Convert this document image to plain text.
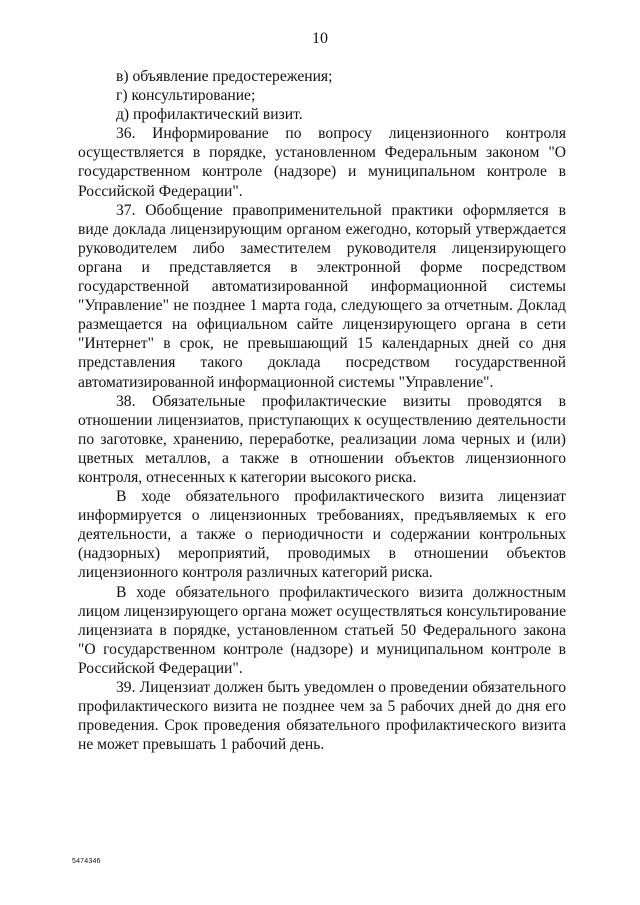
10

в) объявление предостережения;

г) консультирование;

д) профилактический визит.

36. Информирование по вопросу лицензионного контроля осуществляется в порядке, установленном Федеральным законом "О государственном контроле (надзоре) и муниципальном контроле в Российской Федерации".

37. Обобщение правоприменительной практики оформляется в виде доклада лицензирующим органом ежегодно, который утверждается руководителем либо заместителем руководителя лицензирующего органа и представляется в электронной форме посредством государственной автоматизированной информационной системы "Управление" не позднее 1 марта года, следующего за отчетным. Доклад размещается на официальном сайте лицензирующего органа в сети "Интернет" в срок, не превышающий 15 календарных дней со дня представления такого доклада посредством государственной автоматизированной информационной системы "Управление".

38. Обязательные профилактические визиты проводятся в отношении лицензиатов, приступающих к осуществлению деятельности по заготовке, хранению, переработке, реализации лома черных и (или) цветных металлов, а также в отношении объектов лицензионного контроля, отнесенных к категории высокого риска.

В ходе обязательного профилактического визита лицензиат информируется о лицензионных требованиях, предъявляемых к его деятельности, а также о периодичности и содержании контрольных (надзорных) мероприятий, проводимых в отношении объектов лицензионного контроля различных категорий риска.

В ходе обязательного профилактического визита должностным лицом лицензирующего органа может осуществляться консультирование лицензиата в порядке, установленном статьей 50 Федерального закона "О государственном контроле (надзоре) и муниципальном контроле в Российской Федерации".

39. Лицензиат должен быть уведомлен о проведении обязательного профилактического визита не позднее чем за 5 рабочих дней до дня его проведения. Срок проведения обязательного профилактического визита не может превышать 1 рабочий день.

5474346
